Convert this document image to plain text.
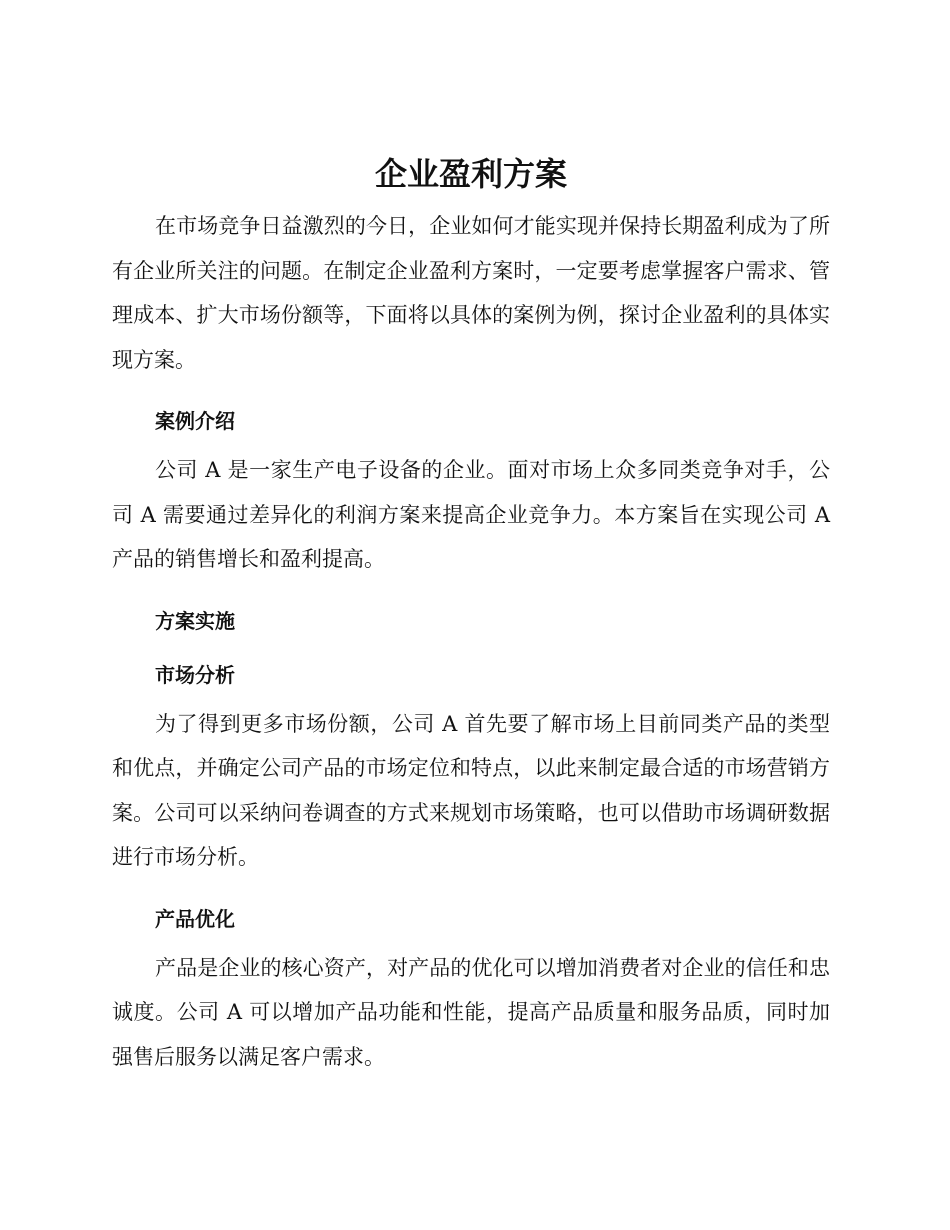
企业盈利方案

在市场竞争日益激烈的今日，企业如何才能实现并保持长期盈利成为了所有企业所关注的问题。在制定企业盈利方案时，一定要考虑掌握客户需求、管理成本、扩大市场份额等，下面将以具体的案例为例，探讨企业盈利的具体实现方案。

案例介绍

公司 A 是一家生产电子设备的企业。面对市场上众多同类竞争对手，公司 A 需要通过差异化的利润方案来提高企业竞争力。本方案旨在实现公司 A 产品的销售增长和盈利提高。

方案实施
市场分析

为了得到更多市场份额，公司 A 首先要了解市场上目前同类产品的类型和优点，并确定公司产品的市场定位和特点，以此来制定最合适的市场营销方案。公司可以采纳问卷调查的方式来规划市场策略，也可以借助市场调研数据进行市场分析。

产品优化

产品是企业的核心资产，对产品的优化可以增加消费者对企业的信任和忠诚度。公司 A 可以增加产品功能和性能，提高产品质量和服务品质，同时加强售后服务以满足客户需求。
